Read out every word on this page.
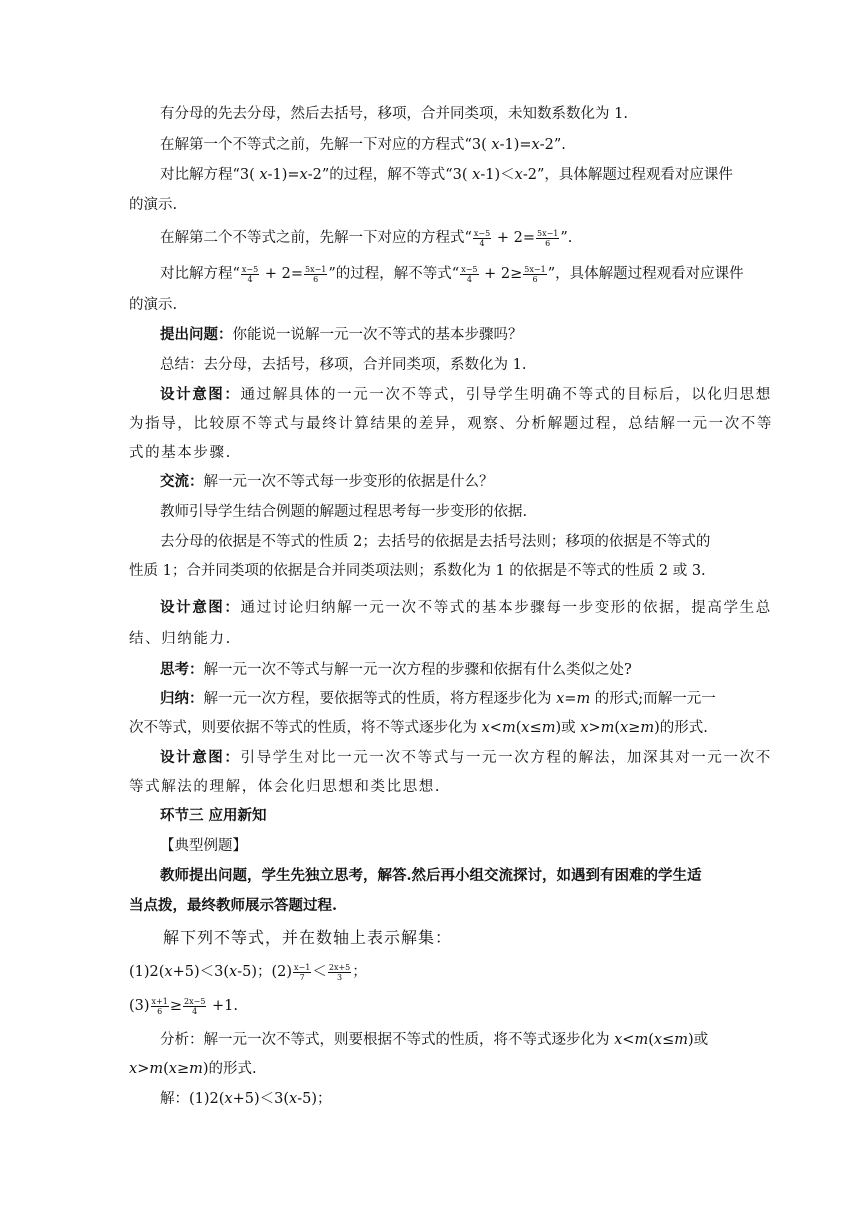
有分母的先去分母，然后去括号，移项，合并同类项，未知数系数化为 1.
在解第一个不等式之前，先解一下对应的方程式“3( x-1)=x-2”.
对比解方程“3( x-1)=x-2”的过程，解不等式“3( x-1)＜x-2”，具体解题过程观看对应课件
的演示.
在解第二个不等式之前，先解一下对应的方程式“ $\frac{x-5}{4} + 2= \frac{5x-1}{6}$ ”.
对比解方程“ $\frac{x-5}{4} + 2= \frac{5x-1}{6}$ ”的过程，解不等式“ $\frac{x-5}{4} + 2\ge \frac{5x-1}{6}$ ”，具体解题过程观看对应课件
的演示.
提出问题：你能说一说解一元一次不等式的基本步骤吗？
总结：去分母，去括号，移项，合并同类项，系数化为 1.
设计意图：通过解具体的一元一次不等式，引导学生明确不等式的目标后，以化归思想
为指导，比较原不等式与最终计算结果的差异，观察、分析解题过程，总结解一元一次不等
式的基本步骤.
交流：解一元一次不等式每一步变形的依据是什么？
教师引导学生结合例题的解题过程思考每一步变形的依据.
去分母的依据是不等式的性质 2；去括号的依据是去括号法则；移项的依据是不等式的
性质 1；合并同类项的依据是合并同类项法则；系数化为 1 的依据是不等式的性质 2 或 3.
设计意图：通过讨论归纳解一元一次不等式的基本步骤每一步变形的依据，提高学生总
结、归纳能力.
思考：解一元一次不等式与解一元一次方程的步骤和依据有什么类似之处?
归纳：解一元一次方程，要依据等式的性质，将方程逐步化为 x=m 的形式;而解一元一
次不等式，则要依据不等式的性质，将不等式逐步化为 x<m(x≤m)或 x>m(x≥m)的形式.
设计意图：引导学生对比一元一次不等式与一元一次方程的解法，加深其对一元一次不
等式解法的理解，体会化归思想和类比思想.
环节三 应用新知
【典型例题】
教师提出问题，学生先独立思考，解答.然后再小组交流探讨，如遇到有困难的学生适
当点拨，最终教师展示答题过程.
解下列不等式，并在数轴上表示解集：
(1)2(x+5)＜3(x-5)；$(2) \frac{x-1}{7} < \frac{2x+5}{3}$ ；
$(3) \frac{x+1}{6} \ge \frac{2x-5}{4} +1$.
分析：解一元一次不等式，则要根据不等式的性质，将不等式逐步化为 x<m(x≤m)或
x>m(x≥m)的形式.
解：(1)2(x+5)＜3(x-5)；
